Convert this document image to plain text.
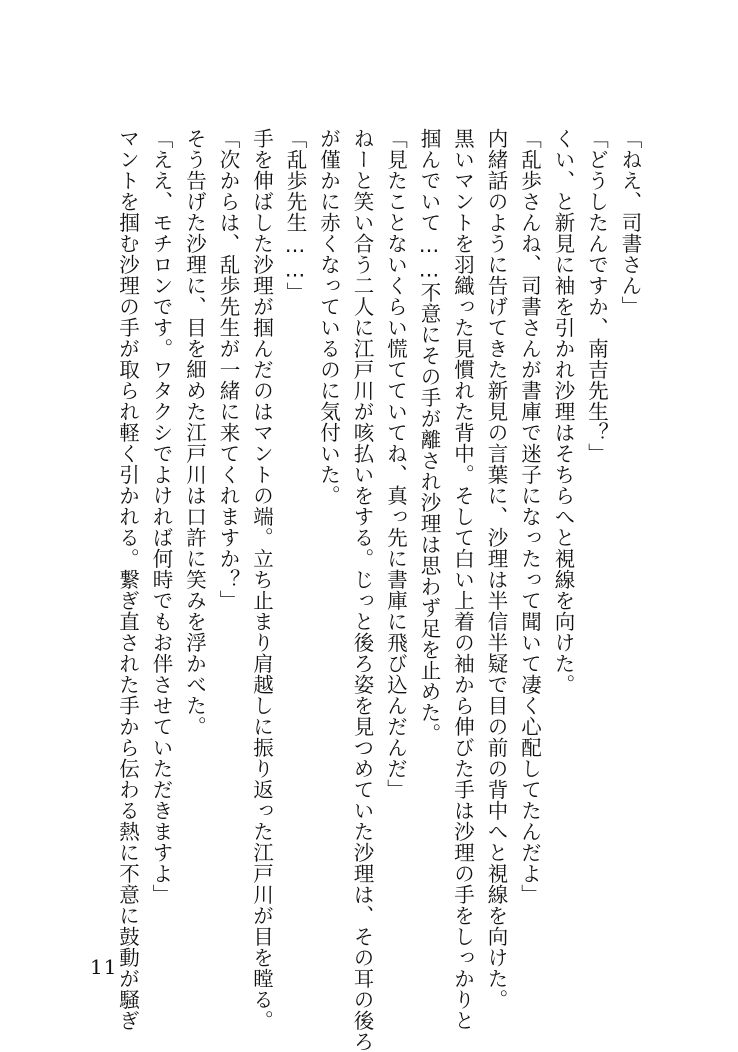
「ねえ、司書さん」
「どうしたんですか、南吉先生？」
くい、と新見に袖を引かれ沙理はそちらへと視線を向けた。
「乱歩さんね、司書さんが書庫で迷子になったって聞いて凄く心配してたんだよ」
内緒話のように告げてきた新見の言葉に、沙理は半信半疑で目の前の背中へと視線を向けた。
黒いマントを羽織った見慣れた背中。そして白い上着の袖から伸びた手は沙理の手をしっかりと
掴んでいて……不意にその手が離され沙理は思わず足を止めた。
「見たことないくらい慌てていてね、真っ先に書庫に飛び込んだんだ」
ねーと笑い合う二人に江戸川が咳払いをする。じっと後ろ姿を見つめていた沙理は、その耳の後ろ
が僅かに赤くなっているのに気付いた。
「乱歩先生……」
手を伸ばした沙理が掴んだのはマントの端。立ち止まり肩越しに振り返った江戸川が目を瞠る。
「次からは、乱歩先生が一緒に来てくれますか？」
そう告げた沙理に、目を細めた江戸川は口許に笑みを浮かべた。
「ええ、モチロンです。ワタクシでよければ何時でもお伴させていただきますよ」
マントを掴む沙理の手が取られ軽く引かれる。繋ぎ直された手から伝わる熱に不意に鼓動が騒ぎ
11
